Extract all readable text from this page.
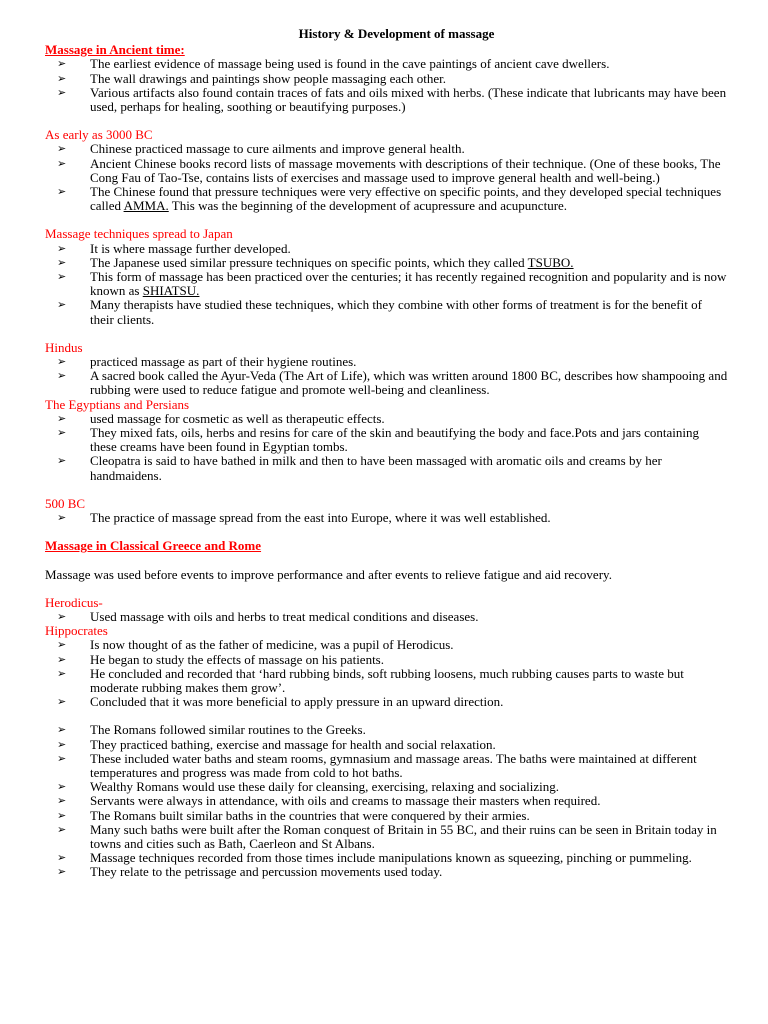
History & Development of massage
Massage in Ancient time:
➢ The earliest evidence of massage being used is found in the cave paintings of ancient cave dwellers.
➢ The wall drawings and paintings show people massaging each other.
➢ Various artifacts also found contain traces of fats and oils mixed with herbs. (These indicate that lubricants may have been used, perhaps for healing, soothing or beautifying purposes.)
As early as 3000 BC
➢ Chinese practiced massage to cure ailments and improve general health.
➢ Ancient Chinese books record lists of massage movements with descriptions of their technique. (One of these books, The Cong Fau of Tao-Tse, contains lists of exercises and massage used to improve general health and well-being.)
➢ The Chinese found that pressure techniques were very effective on specific points, and they developed special techniques called AMMA. This was the beginning of the development of acupressure and acupuncture.
Massage techniques spread to Japan
➢ It is where massage further developed.
➢ The Japanese used similar pressure techniques on specific points, which they called TSUBO.
➢ This form of massage has been practiced over the centuries; it has recently regained recognition and popularity and is now known as SHIATSU.
➢ Many therapists have studied these techniques, which they combine with other forms of treatment is for the benefit of their clients.
Hindus
➢ practiced massage as part of their hygiene routines.
➢ A sacred book called the Ayur-Veda (The Art of Life), which was written around 1800 BC, describes how shampooing and rubbing were used to reduce fatigue and promote well-being and cleanliness.
The Egyptians and Persians
➢ used massage for cosmetic as well as therapeutic effects.
➢ They mixed fats, oils, herbs and resins for care of the skin and beautifying the body and face.Pots and jars containing these creams have been found in Egyptian tombs.
➢ Cleopatra is said to have bathed in milk and then to have been massaged with aromatic oils and creams by her handmaidens.
500 BC
➢ The practice of massage spread from the east into Europe, where it was well established.
Massage in Classical Greece and Rome

Massage was used before events to improve performance and after events to relieve fatigue and aid recovery.

Herodicus-
➢ Used massage with oils and herbs to treat medical conditions and diseases.
Hippocrates
➢ Is now thought of as the father of medicine, was a pupil of Herodicus.
➢ He began to study the effects of massage on his patients.
➢ He concluded and recorded that ‘hard rubbing binds, soft rubbing loosens, much rubbing causes parts to waste but moderate rubbing makes them grow’.
➢ Concluded that it was more beneficial to apply pressure in an upward direction.
➢ The Romans followed similar routines to the Greeks.
➢ They practiced bathing, exercise and massage for health and social relaxation.
➢ These included water baths and steam rooms, gymnasium and massage areas. The baths were maintained at different temperatures and progress was made from cold to hot baths.
➢ Wealthy Romans would use these daily for cleansing, exercising, relaxing and socializing.
➢ Servants were always in attendance, with oils and creams to massage their masters when required.
➢ The Romans built similar baths in the countries that were conquered by their armies.
➢ Many such baths were built after the Roman conquest of Britain in 55 BC, and their ruins can be seen in Britain today in towns and cities such as Bath, Caerleon and St Albans.
➢ Massage techniques recorded from those times include manipulations known as squeezing, pinching or pummeling.
➢ They relate to the petrissage and percussion movements used today.
